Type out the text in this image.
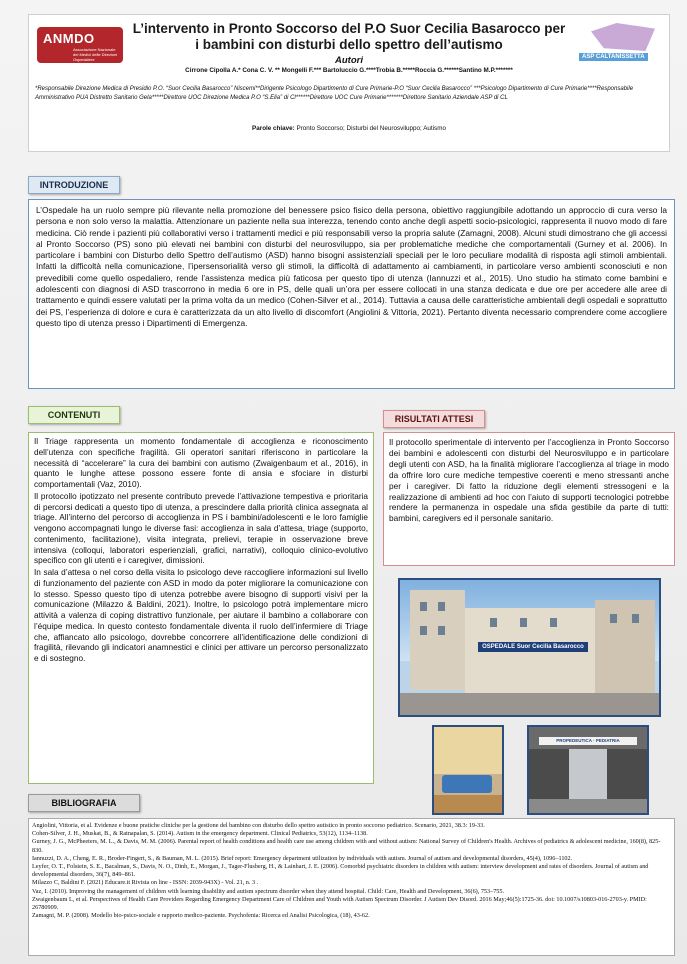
ANMDO
Associazione Nazionale dei Medici delle Direzioni Ospedaliere
L’intervento in Pronto Soccorso del P.O Suor Cecilia Basarocco per i bambini con disturbi dello spettro dell’autismo
Autori
Cirrone Cipolla A.* Cona C. V. ** Mongelli F.*** Bartoluccio G.****Trobia B.*****Roccia G.******Santino M.P.*******
ASP CALTANISSETTA
*Responsabile Direzione Medica di Presidio P.O. “Suor Cecilia Basarocco” Niscemi**Dirigente Psicologo Dipartimento di Cure Primarie-P.O “Suor Cecilia Basarocco” ***Psicologo Dipartimento di Cure Primarie****Responsabile Amministrativo PUA Distretto Sanitario Gela*****Direttore UOC Direzione Medica P.O “S.Elia” di Cl******Direttore UOC Cure Primarie*******Direttore Sanitario Aziendale ASP di CL
Parole chiave: Pronto Soccorso; Disturbi del Neurosviluppo; Autismo
INTRODUZIONE

L’Ospedale ha un ruolo sempre più rilevante nella promozione del benessere psico fisico della persona, obiettivo raggiungibile adottando un approccio di cura verso la persona e non solo verso la malattia. Attenzionare un paziente nella sua interezza, tenendo conto anche degli aspetti socio-psicologici, rappresenta il nuovo modo di fare medicina. Ciò rende i pazienti più collaborativi verso i trattamenti medici e più responsabili verso la propria salute (Zamagni, 2008). Alcuni studi dimostrano che gli accessi al Pronto Soccorso (PS) sono più elevati nei bambini con disturbi del neurosviluppo, sia per problematiche mediche che comportamentali (Gurney et al. 2006). In particolare i bambini con Disturbo dello Spettro dell’autismo (ASD) hanno bisogni assistenziali speciali per le loro peculiare modalità di risposta agli stimoli ambientali. Infatti la difficoltà nella comunicazione, l’ipersensorialità verso gli stimoli, la difficoltà di adattamento ai cambiamenti, in particolare verso ambienti sconosciuti e non prevedibili come quello ospedaliero, rende l’assistenza medica più faticosa per questo tipo di utenza (Iannuzzi et al., 2015). Uno studio ha stimato come bambini e adolescenti con diagnosi di ASD trascorrono in media 6 ore in PS, delle quali un’ora per essere collocati in una stanza dedicata e due ore per accedere alle aree di trattamento e quindi essere valutati per la prima volta da un medico (Cohen-Silver et al., 2014). Tuttavia a causa delle caratteristiche ambientali degli ospedali e soprattutto dei PS, l’esperienza di dolore e cura è caratterizzata da un alto livello di discomfort (Angiolini & Vittoria, 2021). Pertanto diventa necessario comprendere come accogliere questo tipo di utenza presso i Dipartimenti di Emergenza.

CONTENUTI

Il Triage rappresenta un momento fondamentale di accoglienza e riconoscimento dell’utenza con specifiche fragilità. Gli operatori sanitari riferiscono in particolare la necessità di “accelerare” la cura dei bambini con autismo (Zwaigenbaum et al., 2016), in quanto le lunghe attese possono essere fonte di ansia e sfociare in disturbi comportamentali (Vaz, 2010).

Il protocollo ipotizzato nel presente contributo prevede l’attivazione tempestiva e prioritaria di percorsi dedicati a questo tipo di utenza, a prescindere dalla priorità clinica assegnata al triage. All’interno del percorso di accoglienza in PS i bambini/adolescenti e le loro famiglie vengono accompagnati lungo le diverse fasi: accoglienza in sala d’attesa, triage (supporto, contenimento, facilitazione), visita integrata, prelievi, terapie in osservazione breve intensiva (colloqui, laboratori esperienziali, grafici, narrativi), colloquio clinico-evolutivo specifico con gli utenti e i caregiver, dimissioni.

In sala d’attesa o nel corso della visita lo psicologo deve raccogliere informazioni sul livello di funzionamento del paziente con ASD in modo da poter migliorare la comunicazione con lo stesso. Spesso questo tipo di utenza potrebbe avere bisogno di supporti visivi per la comunicazione (Milazzo & Baldini, 2021). Inoltre, lo psicologo potrà implementare micro attività a valenza di coping distrattivo funzionale, per aiutare il bambino a collaborare con l’équipe medica. In questo contesto fondamentale diventa il ruolo dell’infermiere di Triage che, affiancato allo psicologo, dovrebbe concorrere all’identificazione delle condizioni di fragilità, rilevando gli indicatori anamnestici e clinici per attivare un percorso personalizzato e di sostegno.

RISULTATI ATTESI

Il protocollo sperimentale di intervento per l’accoglienza in Pronto Soccorso dei bambini e adolescenti con disturbi del Neurosviluppo e in particolare degli utenti con ASD, ha la finalità migliorare l’accoglienza al triage in modo da offrire loro cure mediche tempestive coerenti e meno stressanti anche per i caregiver. Di fatto la riduzione degli elementi stressogeni e la realizzazione di ambienti ad hoc con l’aiuto di supporti tecnologici potrebbe rendere la permanenza in ospedale una sfida gestibile da parte di tutti: bambini, caregivers ed il personale sanitario.

OSPEDALE Suor Cecilia Basarocco
PROPEDEUTICA · PEDIATRIA
BIBLIOGRAFIA

Angiolini, Vittoria, et al. Evidenze e buone pratiche cliniche per la gestione del bambino con disturbo dello spettro autistico in pronto soccorso pediatrico. Scenario, 2021, 38.3: 19-33.

Cohen-Silver, J. H., Muskat, B., & Ratnapalan, S. (2014). Autism in the emergency department. Clinical Pediatrics, 53(12), 1134–1138.

Gurney, J. G., McPheeters, M. L., & Davis, M. M. (2006). Parental report of health conditions and health care use among children with and without autism: National Survey of Children's Health. Archives of pediatrics & adolescent medicine, 160(8), 825-830.

Iannuzzi, D. A., Cheng, E. R., Broder-Fingert, S., & Bauman, M. L. (2015). Brief report: Emergency department utilization by individuals with autism. Journal of autism and developmental disorders, 45(4), 1096–1102.

Leyfer, O. T., Folstein, S. E., Bacalman, S., Davis, N. O., Dinh, E., Morgan, J., Tager-Flusberg, H., & Lainhart, J. E. (2006). Comorbid psychiatric disorders in children with autism: interview development and rates of disorders. Journal of autism and developmental disorders, 36(7), 849–861.

Milazzo C, Baldini F. (2021) Educare.it Rivista on line - ISSN: 2039-943X) - Vol. 21, n. 3 .

Vaz, I. (2010). Improving the management of children with learning disability and autism spectrum disorder when they attend hospital. Child: Care, Health and Development, 36(6), 753–755.

Zwaigenbaum L, et al. Perspectives of Health Care Providers Regarding Emergency Department Care of Children and Youth with Autism Spectrum Disorder. J Autism Dev Disord. 2016 May;46(5):1725-36. doi: 10.1007/s10803-016-2703-y. PMID: 26780909.

Zamagni, M. P. (2008). Modello bio-psico-sociale e rapporto medico-paziente. Psychofenia: Ricerca ed Analisi Psicologica, (18), 43-62.
